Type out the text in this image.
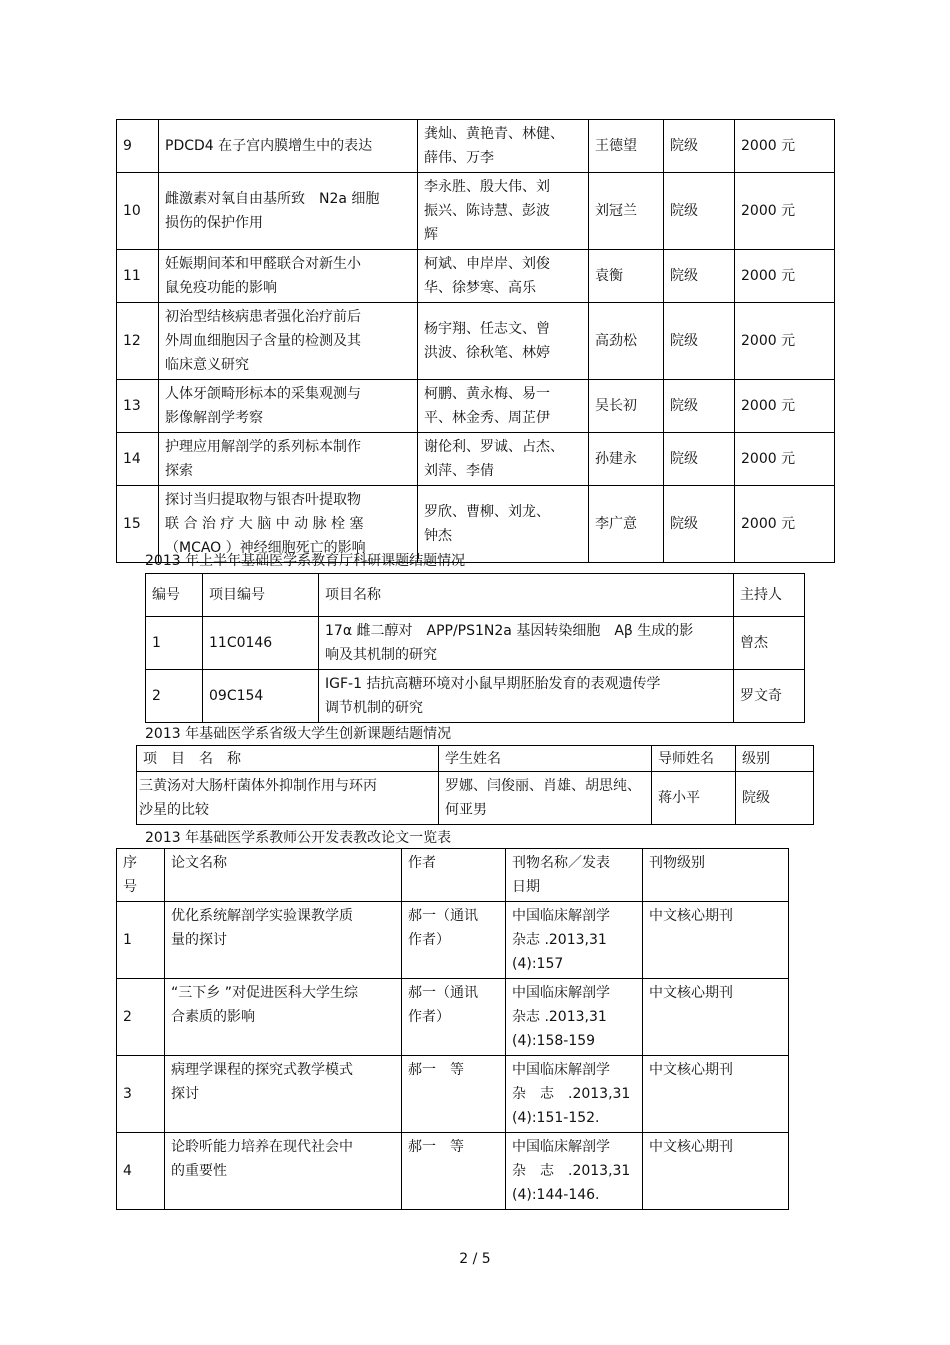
9	PDCD4 在子宫内膜增生中的表达	龚灿、黄艳青、林健、
薛伟、万李	王德望	院级	2000 元
10	雌激素对氧自由基所致　N2a 细胞
损伤的保护作用	李永胜、殷大伟、刘
振兴、陈诗慧、彭波
辉	刘冠兰	院级	2000 元
11	妊娠期间苯和甲醛联合对新生小
鼠免疫功能的影响	柯斌、申岸岸、刘俊
华、徐梦寒、高乐	袁衡	院级	2000 元
12	初治型结核病患者强化治疗前后
外周血细胞因子含量的检测及其
临床意义研究	杨宇翔、任志文、曾
洪波、徐秋笔、林婷	高劲松	院级	2000 元
13	人体牙颌畸形标本的采集观测与
影像解剖学考察	柯鹏、黄永梅、易一
平、林金秀、周芷伊	吴长初	院级	2000 元
14	护理应用解剖学的系列标本制作
探索	谢伦利、罗诚、占杰、
刘萍、李倩	孙建永	院级	2000 元
15	探讨当归提取物与银杏叶提取物
联 合 治 疗 大 脑 中 动 脉 栓 塞
（MCAO ）神经细胞死亡的影响	罗欣、曹柳、刘龙、
钟杰	李广意	院级	2000 元
2013 年上半年基础医学系教育厅科研课题结题情况
编号	项目编号	项目名称	主持人
1	11C0146	17α 雌二醇对　APP/PS1N2a 基因转染细胞　Aβ 生成的影
响及其机制的研究	曾杰
2	09C154	IGF-1 拮抗高糖环境对小鼠早期胚胎发育的表观遗传学
调节机制的研究	罗文奇
2013 年基础医学系省级大学生创新课题结题情况
项　目　名　称	学生姓名	导师姓名	级别
三黄汤对大肠杆菌体外抑制作用与环丙
沙星的比较	罗娜、闫俊丽、肖雄、胡思纯、
何亚男	蒋小平	院级
2013 年基础医学系教师公开发表教改论文一览表
序
号	论文名称	作者	刊物名称／发表
日期	刊物级别
1	优化系统解剖学实验课教学质
量的探讨	郝一（通讯
作者）	中国临床解剖学
杂志 .2013,31
(4):157	中文核心期刊
2	“三下乡 ”对促进医科大学生综
合素质的影响	郝一（通讯
作者）	中国临床解剖学
杂志 .2013,31
(4):158-159	中文核心期刊
3	病理学课程的探究式教学模式
探讨	郝一　等	中国临床解剖学
杂　志　.2013,31
(4):151-152.	中文核心期刊
4	论聆听能力培养在现代社会中
的重要性	郝一　等	中国临床解剖学
杂　志　.2013,31
(4):144-146.	中文核心期刊
2 / 5
